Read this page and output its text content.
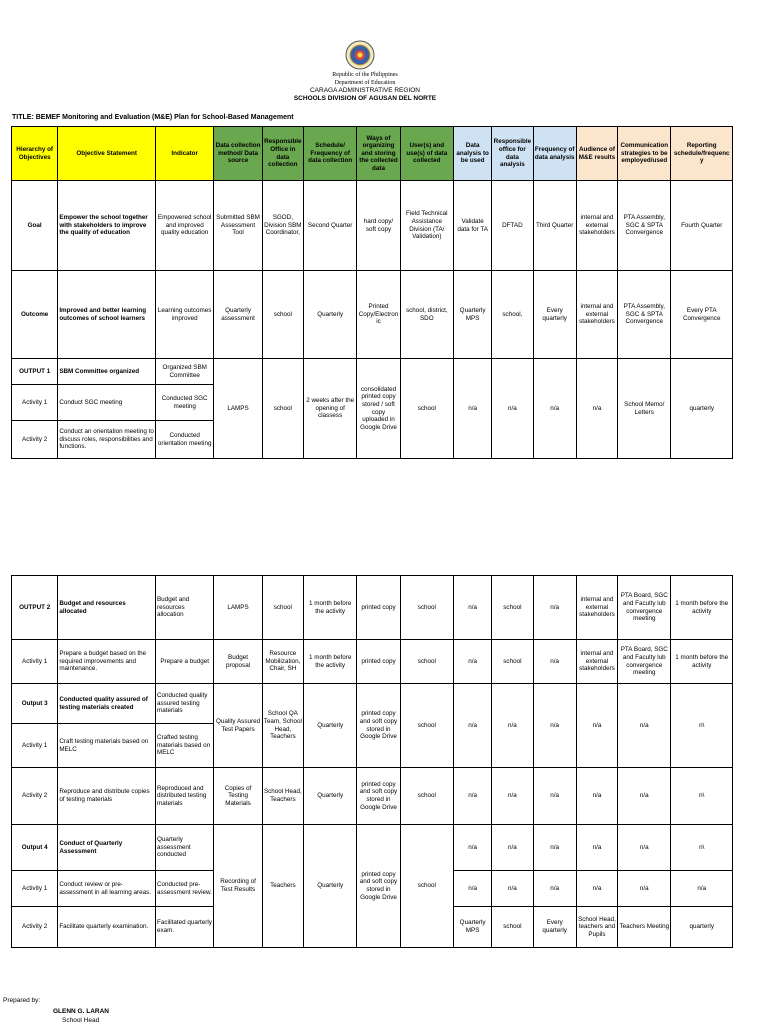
Republic of the Philippines
Department of Education
CARAGA ADMINISTRATIVE REGION
SCHOOLS DIVISION OF AGUSAN DEL NORTE
TITLE: BEMEF Monitoring and Evaluation (M&E) Plan for School-Based Management
Hierarchy of Objectives	Objective Statement	Indicator	Data collection method/ Data source	Responsible Office in data collection	Schedule/ Frequency of data collection	Ways of organizing and storing the collected data	User(s) and use(s) of data collected	Data analysis to be used	Responsible office for data analysis	Frequency of data analysis	Audience of M&E results	Communication strategies to be employed/used	Reporting schedule/frequency
Goal	Empower the school together with stakeholders to improve the quality of education	Empowered school and improved quality education	Submitted SBM Assessment Tool	SGOD, Division SBM Coordinator,	Second Quarter	hard copy/ soft copy	Field Technical Assistance Division (TA/ Validation)	Validate data for TA	DFTAD	Third Quarter	internal and external stakeholders	PTA Assembly, SGC & SPTA Convergence	Fourth Quarter
Outcome	Improved and better learning outcomes of school learners	Learning outcomes improved	Quarterly assessment	school	Quarterly	Printed Copy/Electronic	school, district, SDO	Quarterly MPS	school,	Every quarterly	internal and external stakeholders	PTA Assembly, SGC & SPTA Convergence	Every PTA Convergence
OUTPUT 1	SBM Committee organized	Organized SBM Committee	LAMPS	school	2 weeks after the opening of classess	consolidated printed copy stored / soft copy uploaded in Google Drive	school	n/a	n/a	n/a	n/a	School Memo/ Letters	quarterly
Activity 1	Conduct SGC meeting	Conducted SGC meeting											
Activity 2	Conduct an orientation meeting to discuss roles, responsibilities and functions.	Conducted orientation meeting											
OUTPUT 2	Budget and resources allocated	Budget and resources allocation	LAMPS	school	1 month before the activity	printed copy	school	n/a	school	n/a	internal and external stakeholders	PTA Board, SGC and Faculty lub convergence meeting	1 month before the activity
Activity 1	Prepare a budget based on the required improvements and maintenance.	Prepare a budget	Budget proposal	Resource Mobilization, Chair, SH	1 month before the activity	printed copy	school	n/a	school	n/a	internal and external stakeholders	PTA Board, SGC and Faculty lub convergence meeting	1 month before the activity
Output 3	Conducted quality assured of testing materials created	Conducted quality assured testing materials	Quality Assured Test Papers	School QA Team, School Head, Teachers	Quarterly	printed copy and soft copy stored in Google Drive	school	n/a	n/a	n/a	n/a	n/a	n\
Activity 1	Craft testing materials based on MELC	Crafted testing materials based on MELC											
Activity 2	Reproduce and distribute copies of testing materials	Reproduced and distributed testing materials	Copies of Testing Materials	School Head, Teachers	Quarterly	printed copy and soft copy stored in Google Drive	school	n/a	n/a	n/a	n/a	n/a	n\
Output 4	Conduct of Quarterly Assessment	Quarterly assessment conducted	Recording of Test Results	Teachers	Quarterly	printed copy and soft copy stored in Google Drive	school	n/a	n/a	n/a	n/a	n/a	n\
Activity 1	Conduct review or pre-assessment in all learning areas.	Conducted pre-assessment review.						n/a	n/a	n/a	n/a	n/a	n/a
Activity 2	Facilitate quarterly examination.	Facilitated quarterly exam.						Quarterly MPS	school	Every quarterly	School Head, teachers and Pupils	Teachers Meeting	quarterly
Prepared by:
GLENN G. LARAN
School Head
